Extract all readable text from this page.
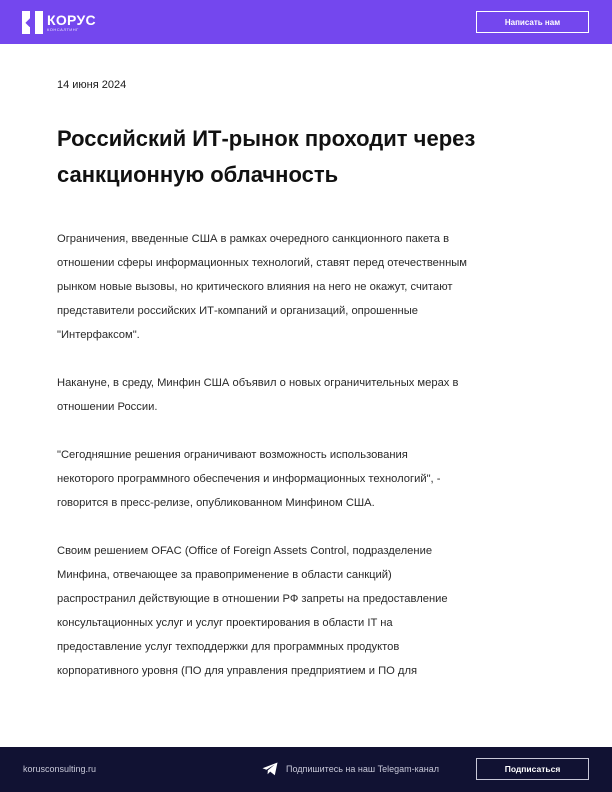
КОРУС
КОНСАЛТИНГ
Написать нам
14 июня 2024
Российский ИТ-рынок проходит через
санкционную облачность
Ограничения, введенные США в рамках очередного санкционного пакета в
отношении сферы информационных технологий, ставят перед отечественным
рынком новые вызовы, но критического влияния на него не окажут, считают
представители российских ИТ-компаний и организаций, опрошенные
"Интерфаксом".
Накануне, в среду, Минфин США объявил о новых ограничительных мерах в
отношении России.
"Сегодняшние решения ограничивают возможность использования
некоторого программного обеспечения и информационных технологий", -
говорится в пресс-релизе, опубликованном Минфином США.
Своим решением OFAC (Office of Foreign Assets Control, подразделение
Минфина, отвечающее за правоприменение в области санкций)
распространил действующие в отношении РФ запреты на предоставление
консультационных услуг и услуг проектирования в области IT на
предоставление услуг техподдержки для программных продуктов
корпоративного уровня (ПО для управления предприятием и ПО для
korusconsulting.ru	Подпишитесь на наш Telegam-канал	Подписаться
